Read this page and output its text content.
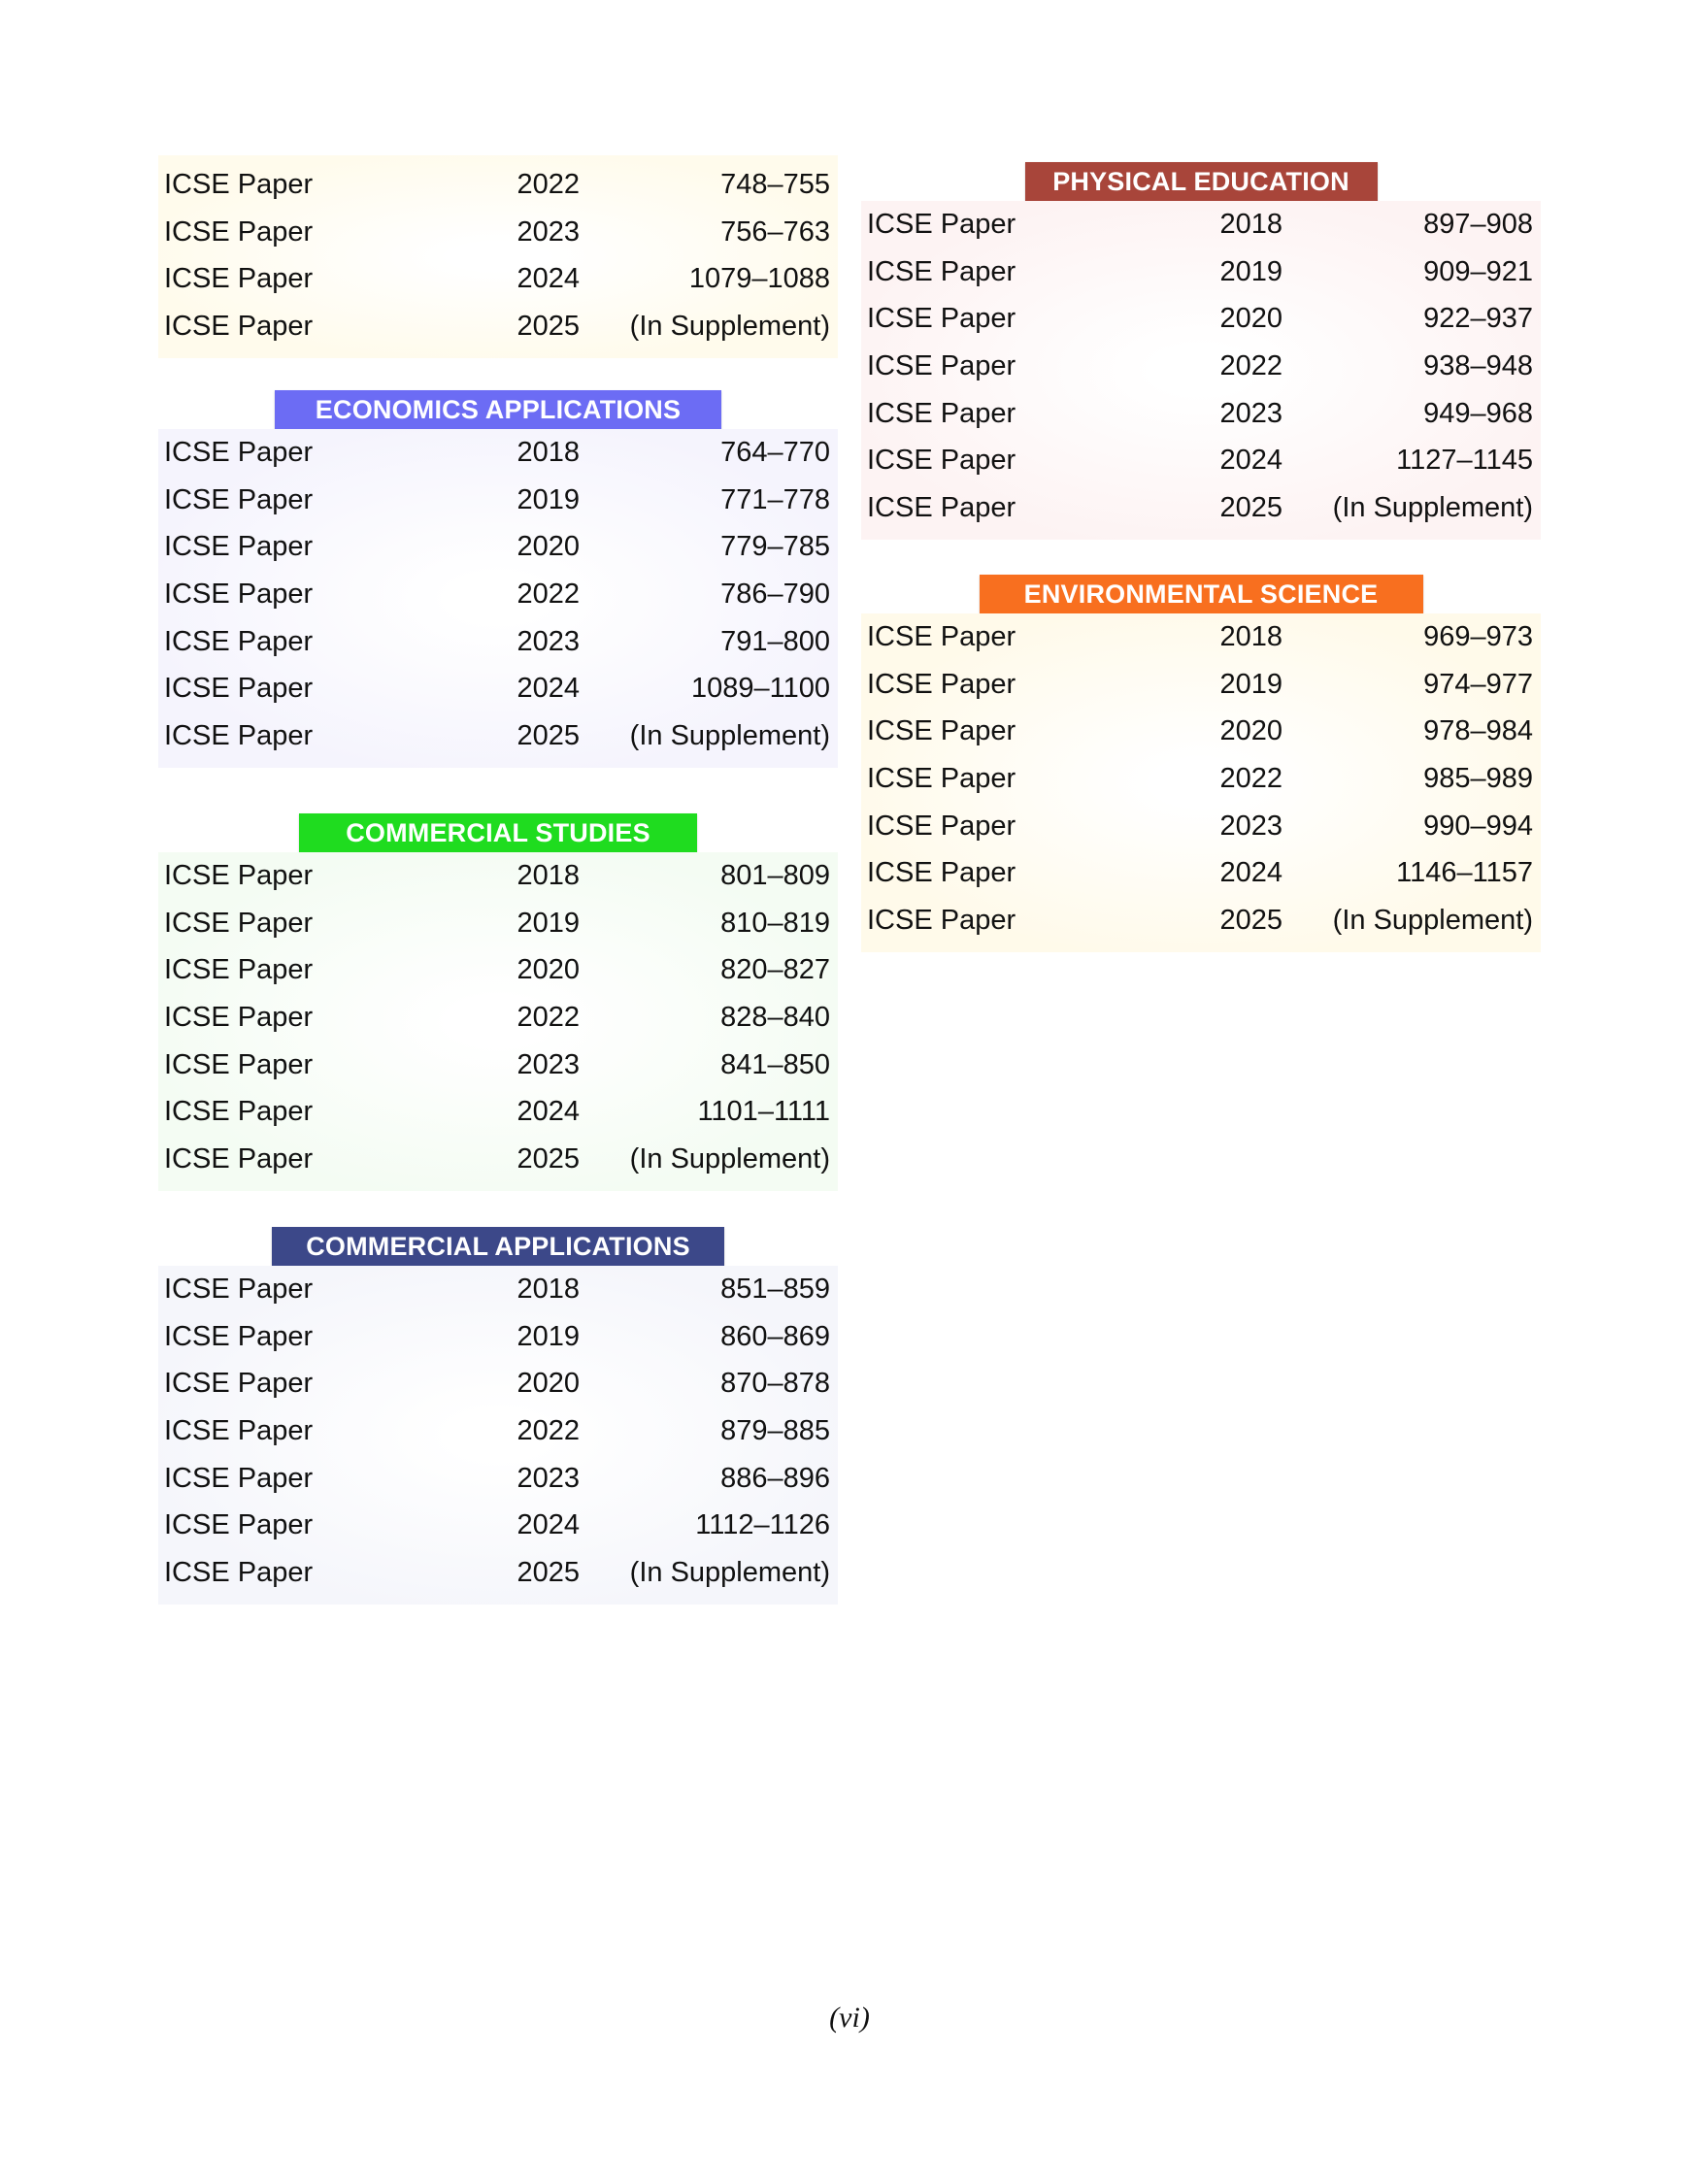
ICSE Paper	2022	748–755
ICSE Paper	2023	756–763
ICSE Paper	2024	1079–1088
ICSE Paper	2025 (In Supplement)
ECONOMICS APPLICATIONS
ICSE Paper	2018	764–770
ICSE Paper	2019	771–778
ICSE Paper	2020	779–785
ICSE Paper	2022	786–790
ICSE Paper	2023	791–800
ICSE Paper	2024	1089–1100
ICSE Paper	2025 (In Supplement)
COMMERCIAL STUDIES
ICSE Paper	2018	801–809
ICSE Paper	2019	810–819
ICSE Paper	2020	820–827
ICSE Paper	2022	828–840
ICSE Paper	2023	841–850
ICSE Paper	2024	1101–1111
ICSE Paper	2025 (In Supplement)
COMMERCIAL APPLICATIONS
ICSE Paper	2018	851–859
ICSE Paper	2019	860–869
ICSE Paper	2020	870–878
ICSE Paper	2022	879–885
ICSE Paper	2023	886–896
ICSE Paper	2024	1112–1126
ICSE Paper	2025 (In Supplement)
PHYSICAL EDUCATION
ICSE Paper	2018	897–908
ICSE Paper	2019	909–921
ICSE Paper	2020	922–937
ICSE Paper	2022	938–948
ICSE Paper	2023	949–968
ICSE Paper	2024	1127–1145
ICSE Paper	2025 (In Supplement)
ENVIRONMENTAL SCIENCE
ICSE Paper	2018	969–973
ICSE Paper	2019	974–977
ICSE Paper	2020	978–984
ICSE Paper	2022	985–989
ICSE Paper	2023	990–994
ICSE Paper	2024	1146–1157
ICSE Paper	2025 (In Supplement)
(vi)
